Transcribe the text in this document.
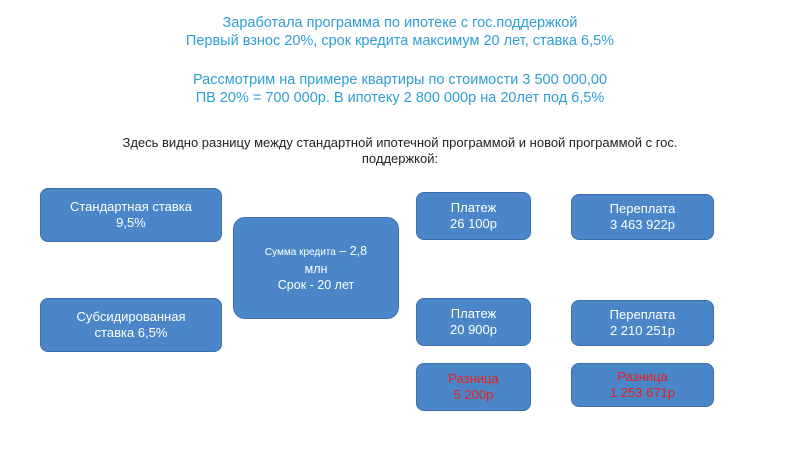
Заработала программа по ипотеке с гос.поддержкой
Первый взнос 20%, срок кредита максимум 20 лет, ставка 6,5%
Рассмотрим на примере квартиры по стоимости 3 500 000,00
ПВ 20% = 700 000р. В ипотеку 2 800 000р на 20лет под 6,5%
Здесь видно разницу между стандартной ипотечной программой и новой программой с гос.
поддержкой:
Стандартная ставка
9,5%
Субсидированная
ставка 6,5%
Сумма кредита – 2,8
млн
Срок - 20 лет
Платеж
26 100р
Платеж
20 900р
Разница
5 200р
Переплата
3 463 922р
Переплата
2 210 251р
Разница
1 253 671р
